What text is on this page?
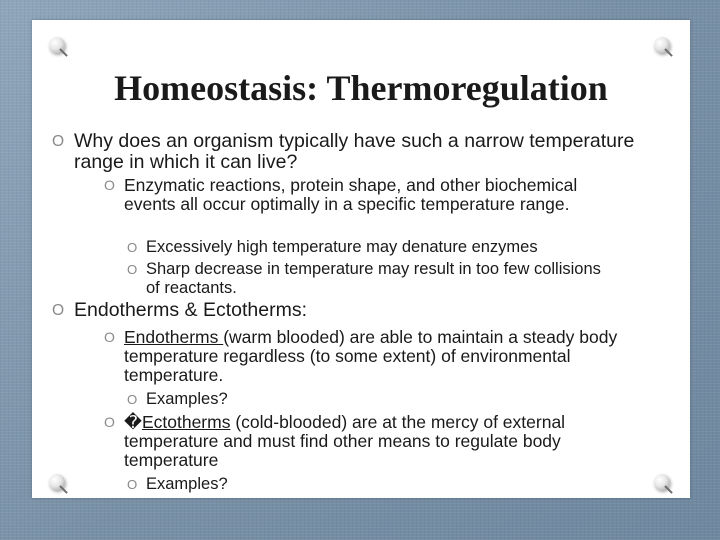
Homeostasis: Thermoregulation
O Why does an organism typically have such a narrow temperature range in which it can live?
O Enzymatic reactions, protein shape, and other biochemical events all occur optimally in a specific temperature range.
O Excessively high temperature may denature enzymes
O Sharp decrease in temperature may result in too few collisions of reactants.
O Endotherms & Ectotherms:
O Endotherms (warm blooded) are able to maintain a steady body temperature regardless (to some extent) of environmental temperature.
O Examples?
O �Ectotherms (cold-blooded) are at the mercy of external temperature and must find other means to regulate body temperature
O Examples?
